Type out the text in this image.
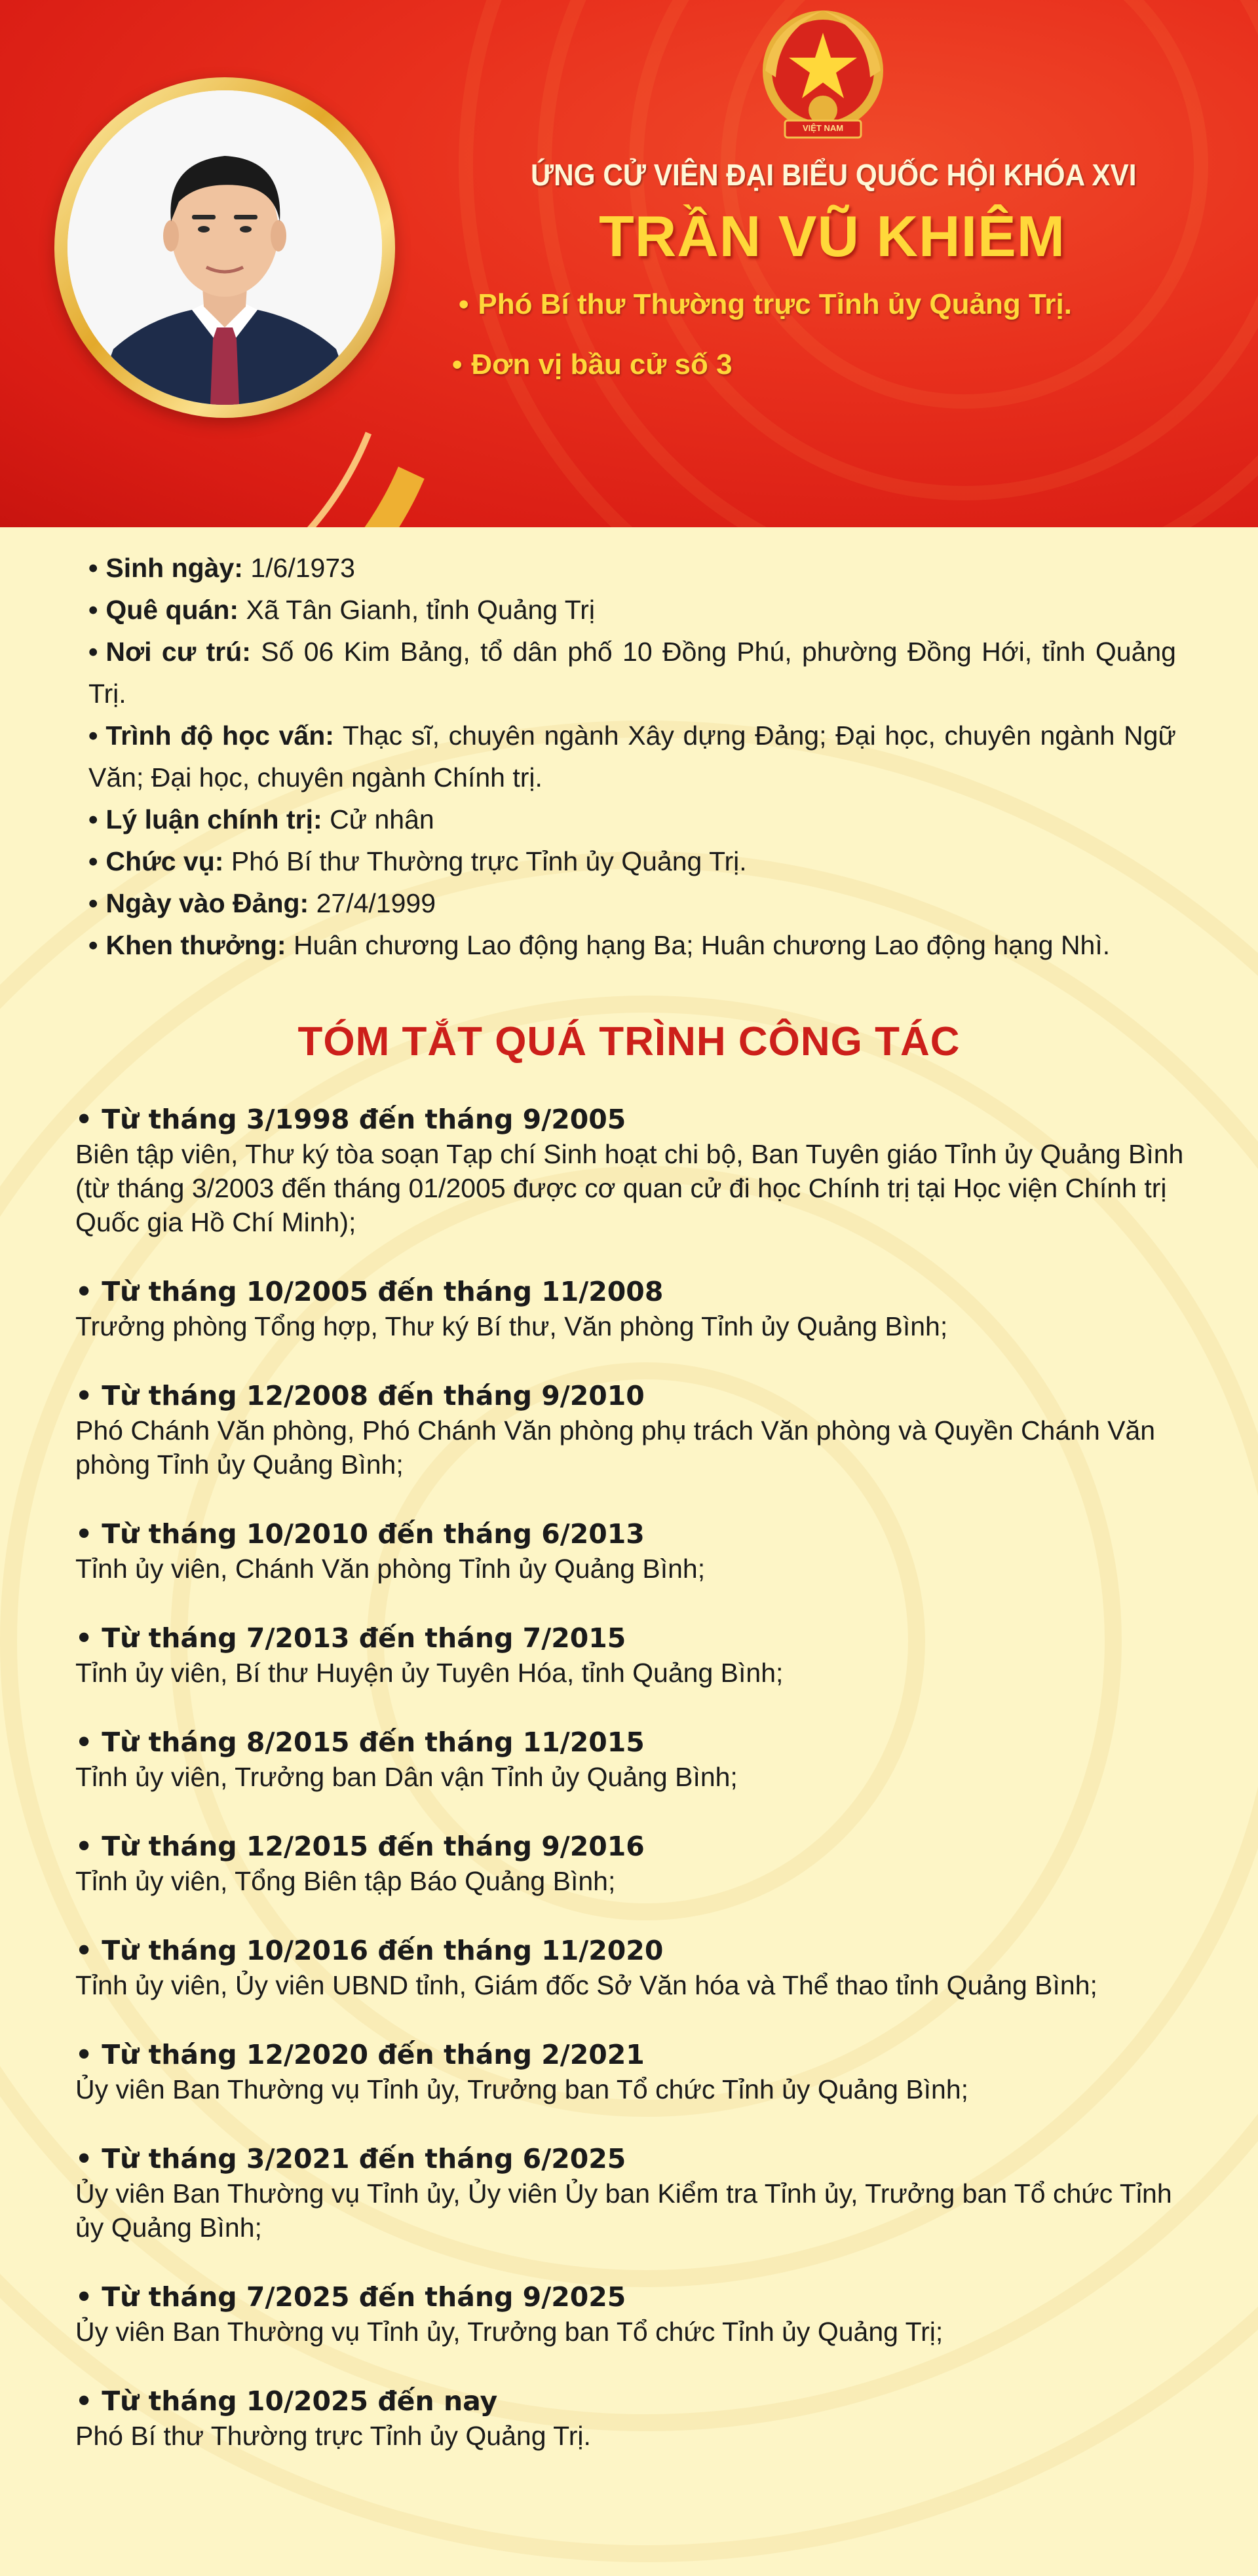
VIỆT NAM
ỨNG CỬ VIÊN ĐẠI BIỂU QUỐC HỘI KHÓA XVI
TRẦN VŨ KHIÊM
• Phó Bí thư Thường trực Tỉnh ủy Quảng Trị.
• Đơn vị bầu cử số 3
• Sinh ngày: 1/6/1973
• Quê quán: Xã Tân Gianh, tỉnh Quảng Trị
• Nơi cư trú: Số 06 Kim Bảng, tổ dân phố 10 Đồng Phú, phường Đồng Hới, tỉnh Quảng Trị.
• Trình độ học vấn: Thạc sĩ, chuyên ngành Xây dựng Đảng; Đại học, chuyên ngành Ngữ Văn; Đại học, chuyên ngành Chính trị.
• Lý luận chính trị: Cử nhân
• Chức vụ: Phó Bí thư Thường trực Tỉnh ủy Quảng Trị.
• Ngày vào Đảng: 27/4/1999
• Khen thưởng: Huân chương Lao động hạng Ba; Huân chương Lao động hạng Nhì.
TÓM TẮT QUÁ TRÌNH CÔNG TÁC
• Từ tháng 3/1998 đến tháng 9/2005
Biên tập viên, Thư ký tòa soạn Tạp chí Sinh hoạt chi bộ, Ban Tuyên giáo Tỉnh ủy Quảng Bình (từ tháng 3/2003 đến tháng 01/2005 được cơ quan cử đi học Chính trị tại Học viện Chính trị Quốc gia Hồ Chí Minh);
• Từ tháng 10/2005 đến tháng 11/2008
Trưởng phòng Tổng hợp, Thư ký Bí thư, Văn phòng Tỉnh ủy Quảng Bình;
• Từ tháng 12/2008 đến tháng 9/2010
Phó Chánh Văn phòng, Phó Chánh Văn phòng phụ trách Văn phòng và Quyền Chánh Văn phòng Tỉnh ủy Quảng Bình;
• Từ tháng 10/2010 đến tháng 6/2013
Tỉnh ủy viên, Chánh Văn phòng Tỉnh ủy Quảng Bình;
• Từ tháng 7/2013 đến tháng 7/2015
Tỉnh ủy viên, Bí thư Huyện ủy Tuyên Hóa, tỉnh Quảng Bình;
• Từ tháng 8/2015 đến tháng 11/2015
Tỉnh ủy viên, Trưởng ban Dân vận Tỉnh ủy Quảng Bình;
• Từ tháng 12/2015 đến tháng 9/2016
Tỉnh ủy viên, Tổng Biên tập Báo Quảng Bình;
• Từ tháng 10/2016 đến tháng 11/2020
Tỉnh ủy viên, Ủy viên UBND tỉnh, Giám đốc Sở Văn hóa và Thể thao tỉnh Quảng Bình;
• Từ tháng 12/2020 đến tháng 2/2021
Ủy viên Ban Thường vụ Tỉnh ủy, Trưởng ban Tổ chức Tỉnh ủy Quảng Bình;
• Từ tháng 3/2021 đến tháng 6/2025
Ủy viên Ban Thường vụ Tỉnh ủy, Ủy viên Ủy ban Kiểm tra Tỉnh ủy, Trưởng ban Tổ chức Tỉnh ủy Quảng Bình;
• Từ tháng 7/2025 đến tháng 9/2025
Ủy viên Ban Thường vụ Tỉnh ủy, Trưởng ban Tổ chức Tỉnh ủy Quảng Trị;
• Từ tháng 10/2025 đến nay
Phó Bí thư Thường trực Tỉnh ủy Quảng Trị.
